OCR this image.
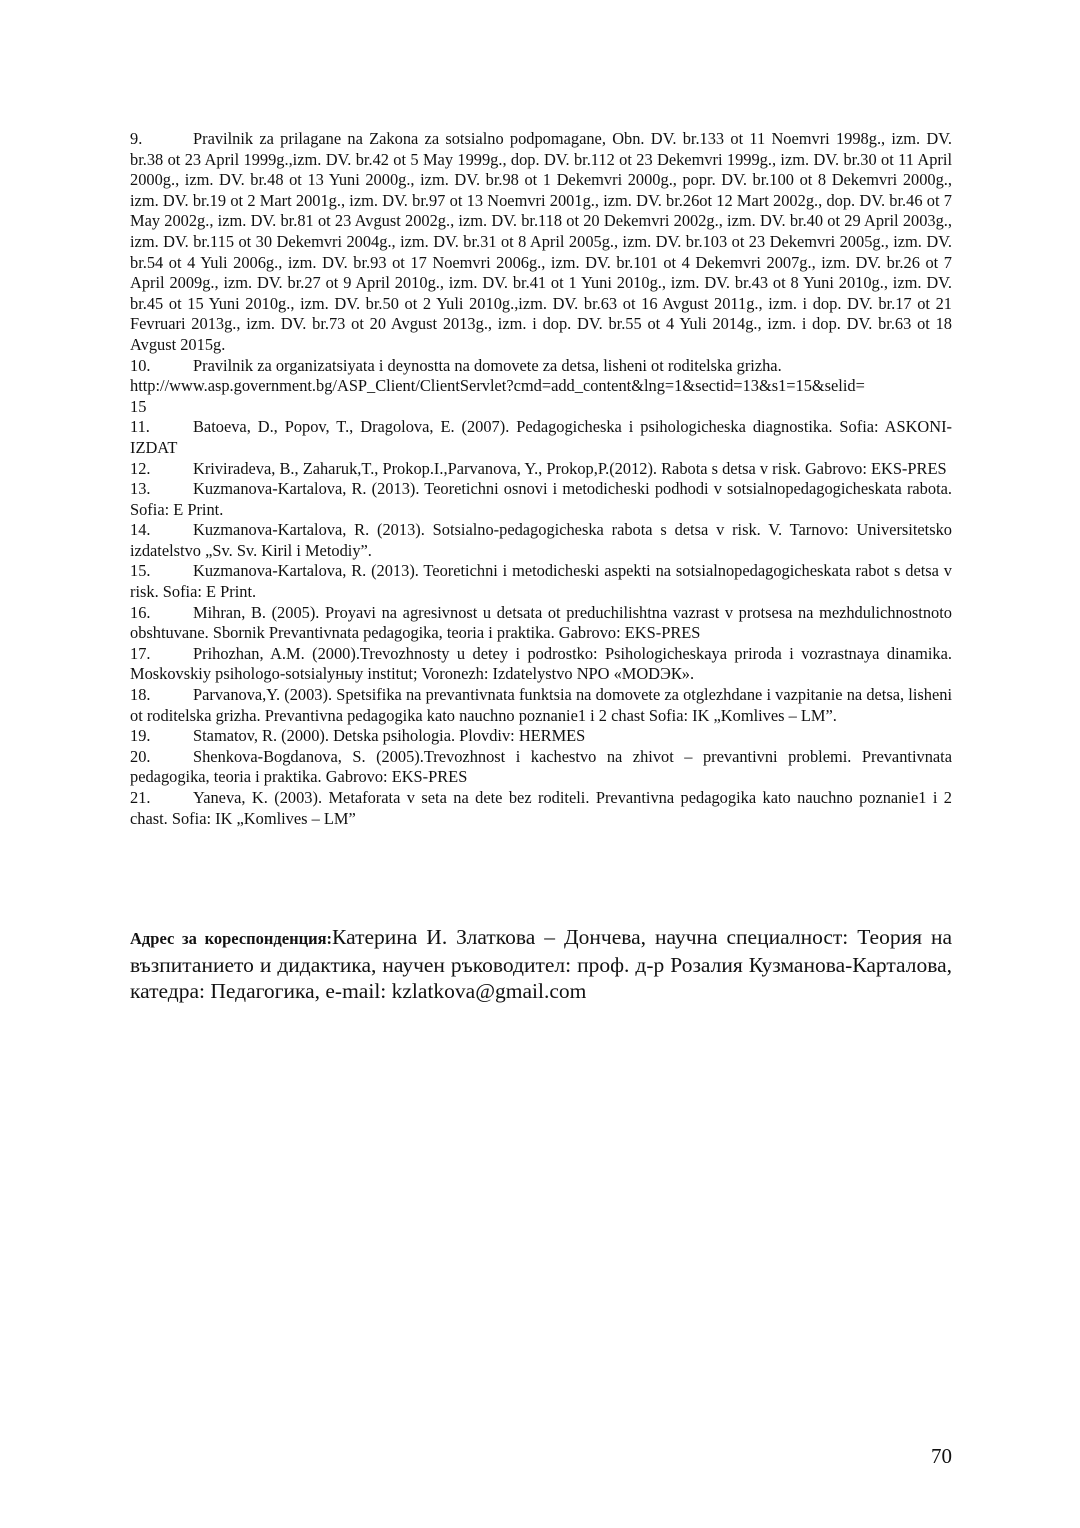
9.	Pravilnik za prilagane na Zakona za sotsialno podpomagane, Obn. DV. br.133 ot 11 Noemvri 1998g., izm. DV. br.38 ot 23 April 1999g.,izm. DV. br.42 ot 5 May 1999g., dop. DV. br.112 ot 23 Dekemvri 1999g., izm. DV. br.30 ot 11 April 2000g., izm. DV. br.48 ot 13 Yuni 2000g., izm. DV. br.98 ot 1 Dekemvri 2000g., popr. DV. br.100 ot 8 Dekemvri 2000g., izm. DV. br.19 ot 2 Mart 2001g., izm. DV. br.97 ot 13 Noemvri 2001g., izm. DV. br.26ot 12 Mart 2002g., dop. DV. br.46 ot 7 May 2002g., izm. DV. br.81 ot 23 Avgust 2002g., izm. DV. br.118 ot 20 Dekemvri 2002g., izm. DV. br.40 ot 29 April 2003g., izm. DV. br.115 ot 30 Dekemvri 2004g., izm. DV. br.31 ot 8 April 2005g., izm. DV. br.103 ot 23 Dekemvri 2005g., izm. DV. br.54 ot 4 Yuli 2006g., izm. DV. br.93 ot 17 Noemvri 2006g., izm. DV. br.101 ot 4 Dekemvri 2007g., izm. DV. br.26 ot 7 April 2009g., izm. DV. br.27 ot 9 April 2010g., izm. DV. br.41 ot 1 Yuni 2010g., izm. DV. br.43 ot 8 Yuni 2010g., izm. DV. br.45 ot 15 Yuni 2010g., izm. DV. br.50 ot 2 Yuli 2010g.,izm. DV. br.63 ot 16 Avgust 2011g., izm. i dop. DV. br.17 ot 21 Fevruari 2013g., izm. DV. br.73 ot 20 Avgust 2013g., izm. i dop. DV. br.55 ot 4 Yuli 2014g., izm. i dop. DV. br.63 ot 18 Avgust 2015g.

10.	Pravilnik za organizatsiyata i deynostta na domovete za detsa, lisheni ot roditelska grizha.
http://www.asp.government.bg/ASP_Client/ClientServlet?cmd=add_content&lng=1&sectid=13&s1=15&selid=
15

11.	Batoeva, D., Popov, T., Dragolova, E. (2007). Pedagogicheska i psihologicheska diagnostika. Sofia: ASKONI-IZDAT

12.	Kriviradeva, B., Zaharuk,T., Prokop.I.,Parvanova, Y., Prokop,P.(2012). Rabota s detsa v risk. Gabrovo: EKS-PRES

13.	Kuzmanova-Kartalova, R. (2013). Teoretichni osnovi i metodicheski podhodi v sotsialnopedagogicheskata rabota. Sofia: E Print.

14.	Kuzmanova-Kartalova, R. (2013). Sotsialno-pedagogicheska rabota s detsa v risk. V. Tarnovo: Universitetsko izdatelstvo „Sv. Sv. Kiril i Metodiy”.

15.	Kuzmanova-Kartalova, R. (2013). Teoretichni i metodicheski aspekti na sotsialnopedagogicheskata rabot s detsa v risk. Sofia: E Print.

16.	Mihran, B. (2005). Proyavi na agresivnost u detsata ot preduchilishtna vazrast v protsesa na mezhdulichnostnoto obshtuvane. Sbornik Prevantivnata pedagogika, teoria i praktika. Gabrovo: EKS-PRES

17.	Prihozhan, A.M. (2000).Trevozhnosty u detey i podrostko: Psihologicheskaya priroda i vozrastnaya dinamika. Moskovskiy psihologo-sotsialyныy institut; Voronezh: Izdatelystvo NPO «МОDЭК».

18.	Parvanova,Y. (2003). Spetsifika na prevantivnata funktsia na domovete za otglezhdane i vazpitanie na detsa, lisheni ot roditelska grizha. Prevantivna pedagogika kato nauchno poznanie1 i 2 chast Sofia: IK „Komlives – LM”.

19.	Stamatov, R. (2000). Detska psihologia. Plovdiv: HERMES

20.	Shenkova-Bogdanova, S. (2005).Trevozhnost i kachestvo na zhivot – prevantivni problemi. Prevantivnata pedagogika, teoria i praktika. Gabrovo: EKS-PRES

21.	Yaneva, K. (2003). Metaforata v seta na dete bez roditeli. Prevantivna pedagogika kato nauchno poznanie1 i 2 chast. Sofia: IK „Komlives – LM”

Адрес за кореспонденция:Катерина И. Златкова – Дончева, научна специалност: Теория на възпитанието и дидактика, научен ръководител: проф. д-р Розалия Кузманова-Карталова, катедра: Педагогика, e-mail: kzlatkova@gmail.com

70
